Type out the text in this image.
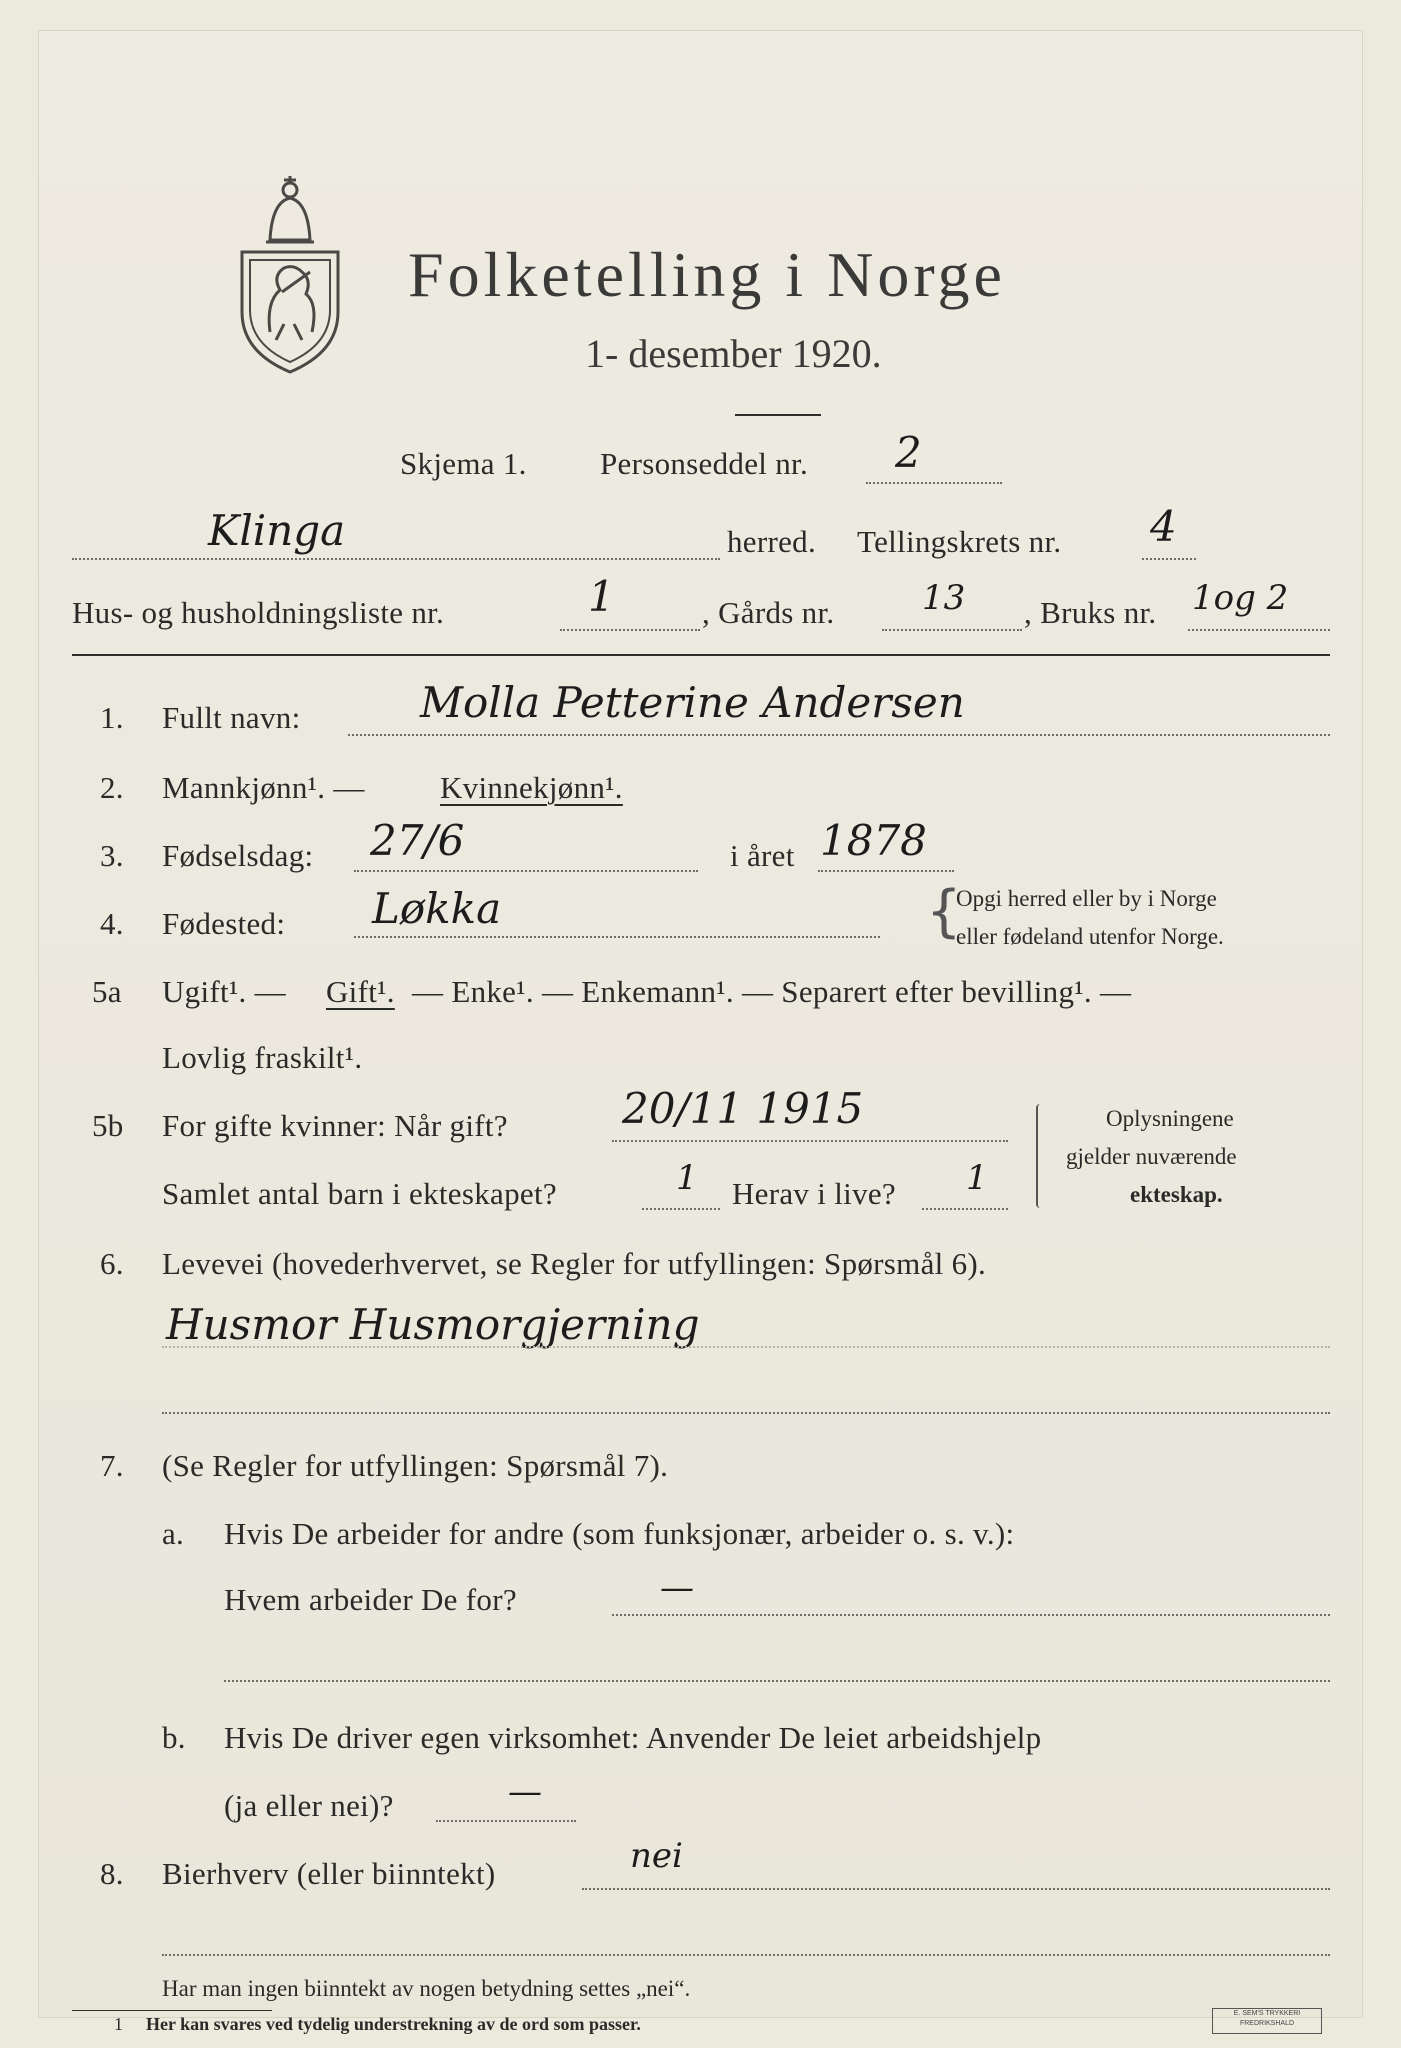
Folketelling i Norge
1- desember 1920.
Skjema 1. Personseddel nr. 2
Klinga	herred. Tellingskrets nr. 4
Hus- og husholdningsliste nr.	1	, Gårds nr.	13 , Bruks nr. 1og 2
1. Fullt navn:	Molla Petterine Andersen
2. Mannkjønn¹. — Kvinnekjønn¹.
3. Fødselsdag: 27/6	i året 1878
4. Fødested: Løkka	{
Opgi herred eller by i Norge
eller fødeland utenfor Norge.
5a Ugift¹. — Gift¹. — Enke¹. — Enkemann¹. — Separert efter bevilling¹. —
Lovlig fraskilt¹.
5b For gifte kvinner: Når gift?	20/11 1915
Samlet antal barn i ekteskapet?	1 Herav i live? 1
Oplysningene
gjelder nuværende
ekteskap.
6. Levevei (hovederhvervet, se Regler for utfyllingen: Spørsmål 6).
Husmor Husmorgjerning
7. (Se Regler for utfyllingen: Spørsmål 7).
a. Hvis De arbeider for andre (som funksjonær, arbeider o. s. v.):
Hvem arbeider De for?	—
b. Hvis De driver egen virksomhet: Anvender De leiet arbeidshjelp
(ja eller nei)?	—
8. Bierhverv (eller biinntekt)	nei
Har man ingen biinntekt av nogen betydning settes „nei“.
1 Her kan svares ved tydelig understrekning av de ord som passer.
E. SEM'S TRYKKERI
FREDRIKSHALD
